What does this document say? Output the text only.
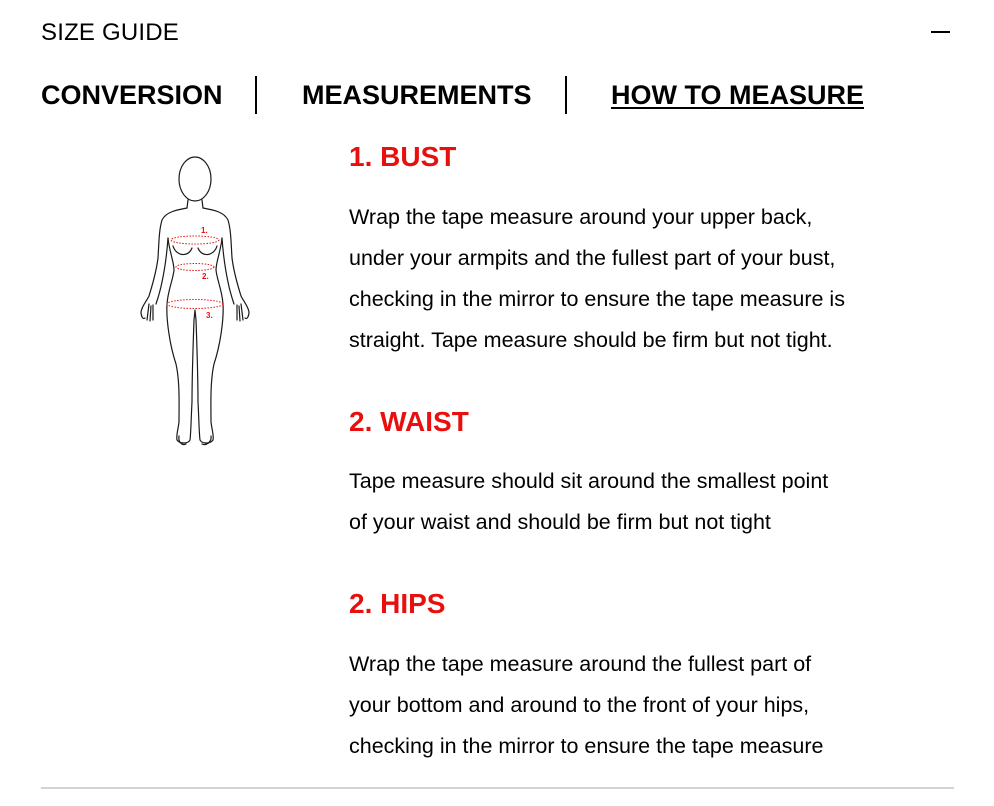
SIZE GUIDE
CONVERSION	MEASUREMENTS	HOW TO MEASURE
1.
2.
3.
1. BUST
Wrap the tape measure around your upper back,
under your armpits and the fullest part of your bust,
checking in the mirror to ensure the tape measure is
straight. Tape measure should be firm but not tight.
2. WAIST
Tape measure should sit around the smallest point
of your waist and should be firm but not tight
2. HIPS
Wrap the tape measure around the fullest part of
your bottom and around to the front of your hips,
checking in the mirror to ensure the tape measure
